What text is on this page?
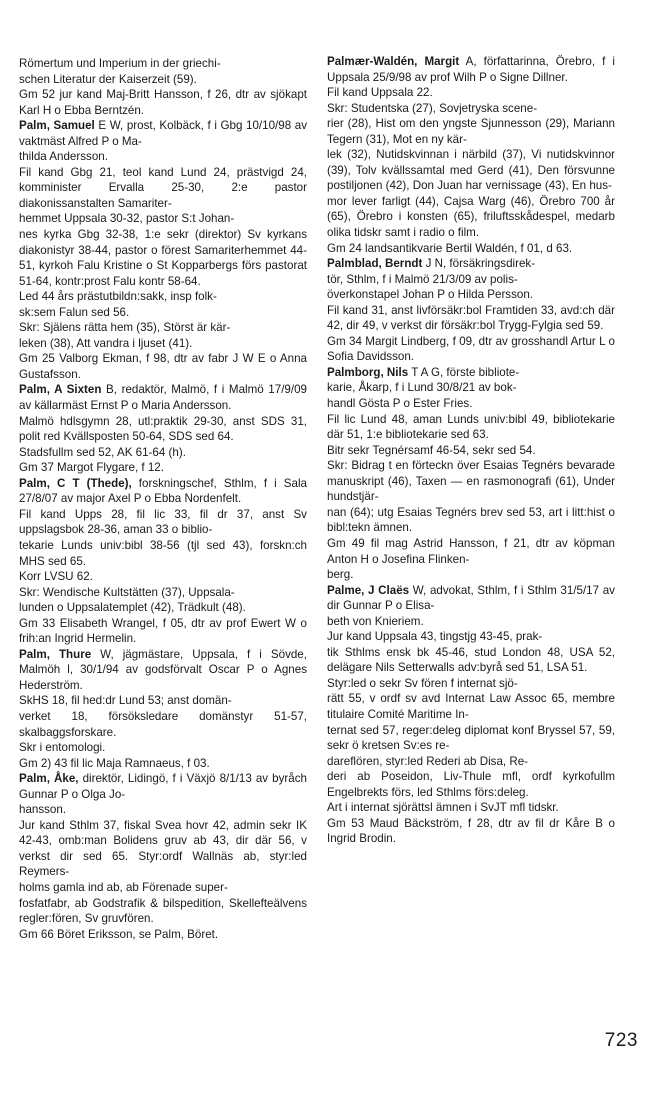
Römertum und Imperium in der griechi-
schen Literatur der Kaiserzeit (59).

Gm 52 jur kand Maj-Britt Hansson, f 26, dtr av sjökapt Karl H o Ebba Berntzén.

Palm, Samuel E W, prost, Kolbäck, f i Gbg 10/10/98 av vaktmäst Alfred P o Ma-
thilda Andersson.

Fil kand Gbg 21, teol kand Lund 24, prästvigd 24, komminister Ervalla 25-30, 2:e pastor diakonissanstalten Samariter-
hemmet Uppsala 30-32, pastor S:t Johan-
nes kyrka Gbg 32-38, 1:e sekr (direktor) Sv kyrkans diakonistyr 38-44, pastor o förest Samariterhemmet 44-51, kyrkoh Falu Kristine o St Kopparbergs förs pastorat 51-64, kontr:prost Falu kontr 58-64.

Led 44 års prästutbildn:sakk, insp folk-
sk:sem Falun sed 56.

Skr: Själens rätta hem (35), Störst är kär-
leken (38), Att vandra i ljuset (41).

Gm 25 Valborg Ekman, f 98, dtr av fabr J W E o Anna Gustafsson.

Palm, A Sixten B, redaktör, Malmö, f i Malmö 17/9/09 av källarmäst Ernst P o Maria Andersson.

Malmö hdlsgymn 28, utl:praktik 29-30, anst SDS 31, polit red Kvällsposten 50-64, SDS sed 64.

Stadsfullm sed 52, AK 61-64 (h).

Gm 37 Margot Flygare, f 12.

Palm, C T (Thede), forskningschef, Sthlm, f i Sala 27/8/07 av major Axel P o Ebba Nordenfelt.

Fil kand Upps 28, fil lic 33, fil dr 37, anst Sv uppslagsbok 28-36, aman 33 o biblio-
tekarie Lunds univ:bibl 38-56 (tjl sed 43), forskn:ch MHS sed 65.

Korr LVSU 62.

Skr: Wendische Kultstätten (37), Uppsala-
lunden o Uppsalatemplet (42), Trädkult (48).

Gm 33 Elisabeth Wrangel, f 05, dtr av prof Ewert W o frih:an Ingrid Hermelin.

Palm, Thure W, jägmästare, Uppsala, f i Sövde, Malmöh l, 30/1/94 av godsförvalt Oscar P o Agnes Hederström.

SkHS 18, fil hed:dr Lund 53; anst domän-
verket 18, försöksledare domänstyr 51-57, skalbaggsforskare.

Skr i entomologi.

Gm 2) 43 fil lic Maja Ramnaeus, f 03.

Palm, Åke, direktör, Lidingö, f i Växjö 8/1/13 av byråch Gunnar P o Olga Jo-
hansson.

Jur kand Sthlm 37, fiskal Svea hovr 42, admin sekr IK 42-43, omb:man Bolidens gruv ab 43, dir där 56, v verkst dir sed 65. Styr:ordf Wallnäs ab, styr:led Reymers-
holms gamla ind ab, ab Förenade super-
fosfatfabr, ab Godstrafik & bilspedition, Skellefteälvens regler:fören, Sv gruvfören.

Gm 66 Böret Eriksson, se Palm, Böret.

Palmær-Waldén, Margit A, författarinna, Örebro, f i Uppsala 25/9/98 av prof Wilh P o Signe Dillner.

Fil kand Uppsala 22.

Skr: Studentska (27), Sovjetryska scene-
rier (28), Hist om den yngste Sjunnesson (29), Mariann Tegern (31), Mot en ny kär-
lek (32), Nutidskvinnan i närbild (37), Vi nutidskvinnor (39), Tolv kvällssamtal med Gerd (41), Den försvunne postiljonen (42), Don Juan har vernissage (43), En hus-
mor lever farligt (44), Cajsa Warg (46), Örebro 700 år (65), Örebro i konsten (65), friluftsskådespel, medarb olika tidskr samt i radio o film.

Gm 24 landsantikvarie Bertil Waldén, f 01, d 63.

Palmblad, Berndt J N, försäkringsdirek-
tör, Sthlm, f i Malmö 21/3/09 av polis-
överkonstapel Johan P o Hilda Persson.

Fil kand 31, anst livförsäkr:bol Framtiden 33, avd:ch där 42, dir 49, v verkst dir försäkr:bol Trygg-Fylgia sed 59.

Gm 34 Margit Lindberg, f 09, dtr av grosshandl Artur L o Sofia Davidsson.

Palmborg, Nils T A G, förste bibliote-
karie, Åkarp, f i Lund 30/8/21 av bok-
handl Gösta P o Ester Fries.

Fil lic Lund 48, aman Lunds univ:bibl 49, bibliotekarie där 51, 1:e bibliotekarie sed 63.

Bitr sekr Tegnérsamf 46-54, sekr sed 54.

Skr: Bidrag t en förteckn över Esaias Tegnérs bevarade manuskript (46), Taxen — en rasmonografi (61), Under hundstjär-
nan (64); utg Esaias Tegnérs brev sed 53, art i litt:hist o bibl:tekn ämnen.

Gm 49 fil mag Astrid Hansson, f 21, dtr av köpman Anton H o Josefina Flinken-
berg.

Palme, J Claës W, advokat, Sthlm, f i Sthlm 31/5/17 av dir Gunnar P o Elisa-
beth von Knieriem.

Jur kand Uppsala 43, tingstjg 43-45, prak-
tik Sthlms ensk bk 45-46, stud London 48, USA 52, delägare Nils Setterwalls adv:byrå sed 51, LSA 51.

Styr:led o sekr Sv fören f internat sjö-
rätt 55, v ordf sv avd Internat Law Assoc 65, membre titulaire Comité Maritime In-
ternat sed 57, reger:deleg diplomat konf Bryssel 57, 59, sekr ö kretsen Sv:es re-
dareflören, styr:led Rederi ab Disa, Re-
deri ab Poseidon, Liv-Thule mfl, ordf kyrkofullm Engelbrekts förs, led Sthlms förs:deleg.

Art i internat sjörättsl ämnen i SvJT mfl tidskr.

Gm 53 Maud Bäckström, f 28, dtr av fil dr Kåre B o Ingrid Brodin.

723
